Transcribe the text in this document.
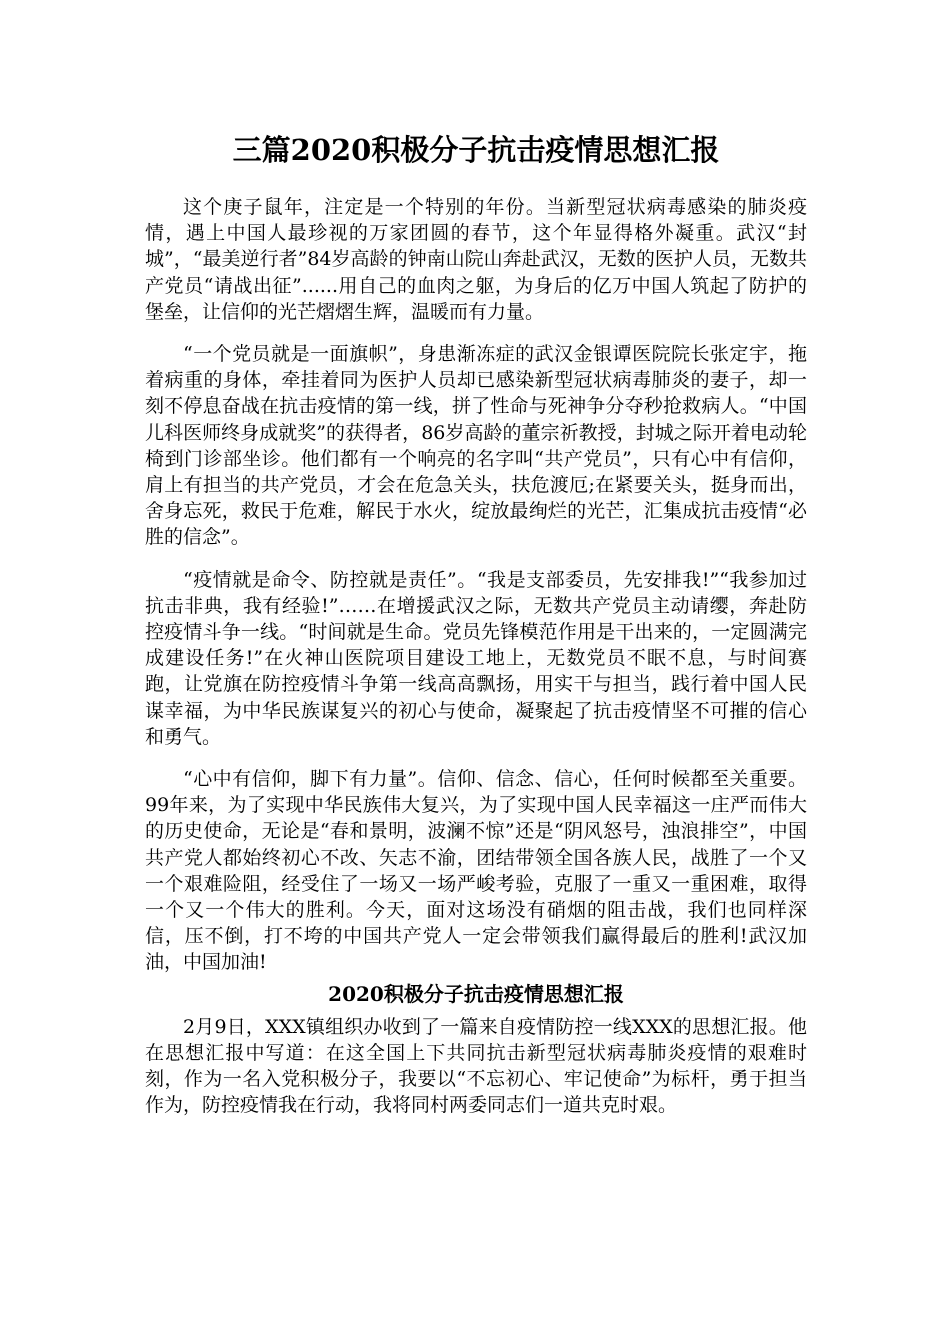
三篇2020积极分子抗击疫情思想汇报

这个庚子鼠年，注定是一个特别的年份。当新型冠状病毒感染的肺炎疫情，遇上中国人最珍视的万家团圆的春节，这个年显得格外凝重。武汉“封城”，“最美逆行者”84岁高龄的钟南山院山奔赴武汉，无数的医护人员，无数共产党员“请战出征”......用自己的血肉之躯，为身后的亿万中国人筑起了防护的堡垒，让信仰的光芒熠熠生辉，温暖而有力量。

“一个党员就是一面旗帜”，身患渐冻症的武汉金银谭医院院长张定宇，拖着病重的身体，牵挂着同为医护人员却已感染新型冠状病毒肺炎的妻子，却一刻不停息奋战在抗击疫情的第一线，拼了性命与死神争分夺秒抢救病人。“中国儿科医师终身成就奖”的获得者，86岁高龄的董宗祈教授，封城之际开着电动轮椅到门诊部坐诊。他们都有一个响亮的名字叫“共产党员”，只有心中有信仰，肩上有担当的共产党员，才会在危急关头，扶危渡厄;在紧要关头，挺身而出，舍身忘死，救民于危难，解民于水火，绽放最绚烂的光芒，汇集成抗击疫情“必胜的信念”。

“疫情就是命令、防控就是责任”。“我是支部委员，先安排我!”“我参加过抗击非典，我有经验!”……在增援武汉之际，无数共产党员主动请缨，奔赴防控疫情斗争一线。“时间就是生命。党员先锋模范作用是干出来的，一定圆满完成建设任务!”在火神山医院项目建设工地上，无数党员不眠不息，与时间赛跑，让党旗在防控疫情斗争第一线高高飘扬，用实干与担当，践行着中国人民谋幸福，为中华民族谋复兴的初心与使命，凝聚起了抗击疫情坚不可摧的信心和勇气。

“心中有信仰，脚下有力量”。信仰、信念、信心，任何时候都至关重要。99年来，为了实现中华民族伟大复兴，为了实现中国人民幸福这一庄严而伟大的历史使命，无论是“春和景明，波澜不惊”还是“阴风怒号，浊浪排空”，中国共产党人都始终初心不改、矢志不渝，团结带领全国各族人民，战胜了一个又一个艰难险阻，经受住了一场又一场严峻考验，克服了一重又一重困难，取得一个又一个伟大的胜利。今天，面对这场没有硝烟的阻击战，我们也同样深信，压不倒，打不垮的中国共产党人一定会带领我们赢得最后的胜利!武汉加油，中国加油!

2020积极分子抗击疫情思想汇报

2月9日，XXX镇组织办收到了一篇来自疫情防控一线XXX的思想汇报。他在思想汇报中写道：在这全国上下共同抗击新型冠状病毒肺炎疫情的艰难时刻，作为一名入党积极分子，我要以“不忘初心、牢记使命”为标杆，勇于担当作为，防控疫情我在行动，我将同村两委同志们一道共克时艰。
